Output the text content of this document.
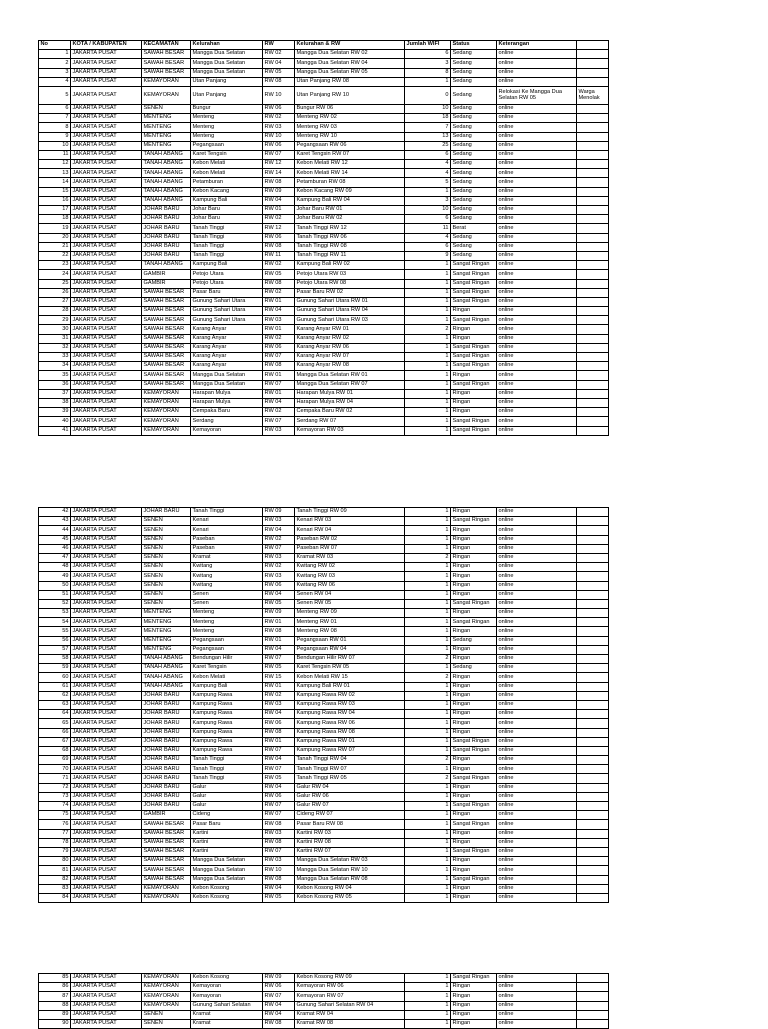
No	KOTA / KABUPATEN	KECAMATAN	Kelurahan	RW	Kelurahan & RW	Jumlah WIFI	Status	Keterangan	
1	JAKARTA PUSAT	SAWAH BESAR	Mangga Dua Selatan	RW 02	Mangga Dua Selatan RW 02	6	Sedang	online	
2	JAKARTA PUSAT	SAWAH BESAR	Mangga Dua Selatan	RW 04	Mangga Dua Selatan RW 04	3	Sedang	online	
3	JAKARTA PUSAT	SAWAH BESAR	Mangga Dua Selatan	RW 05	Mangga Dua Selatan RW 05	8	Sedang	online	
4	JAKARTA PUSAT	KEMAYORAN	Utan Panjang	RW 08	Utan Panjang RW 08	1	Sedang	online	
5	JAKARTA PUSAT	KEMAYORAN	Utan Panjang	RW 10	Utan Panjang RW 10	0	Sedang	Relokasi Ke Mangga Dua Selatan RW 05	Warga Menolak
6	JAKARTA PUSAT	SENEN	Bungur	RW 06	Bungur RW 06	10	Sedang	online	
7	JAKARTA PUSAT	MENTENG	Menteng	RW 02	Menteng RW 02	18	Sedang	online	
8	JAKARTA PUSAT	MENTENG	Menteng	RW 03	Menteng RW 03	7	Sedang	online	
9	JAKARTA PUSAT	MENTENG	Menteng	RW 10	Menteng RW 10	13	Sedang	online	
10	JAKARTA PUSAT	MENTENG	Pegangsaan	RW 06	Pegangsaan RW 06	25	Sedang	online	
11	JAKARTA PUSAT	TANAH ABANG	Karet Tengsin	RW 07	Karet Tengsin RW 07	6	Sedang	online	
12	JAKARTA PUSAT	TANAH ABANG	Kebon Melati	RW 12	Kebon Melati RW 12	4	Sedang	online	
13	JAKARTA PUSAT	TANAH ABANG	Kebon Melati	RW 14	Kebon Melati RW 14	4	Sedang	online	
14	JAKARTA PUSAT	TANAH ABANG	Petamburan	RW 08	Petamburan RW 08	5	Sedang	online	
15	JAKARTA PUSAT	TANAH ABANG	Kebon Kacang	RW 09	Kebon Kacang RW 09	1	Sedang	online	
16	JAKARTA PUSAT	TANAH ABANG	Kampung Bali	RW 04	Kampung Bali RW 04	3	Sedang	online	
17	JAKARTA PUSAT	JOHAR BARU	Johar Baru	RW 01	Johar Baru RW 01	10	Sedang	online	
18	JAKARTA PUSAT	JOHAR BARU	Johar Baru	RW 02	Johar Baru RW 02	6	Sedang	online	
19	JAKARTA PUSAT	JOHAR BARU	Tanah Tinggi	RW 12	Tanah Tinggi RW 12	11	Berat	online	
20	JAKARTA PUSAT	JOHAR BARU	Tanah Tinggi	RW 06	Tanah Tinggi RW 06	4	Sedang	online	
21	JAKARTA PUSAT	JOHAR BARU	Tanah Tinggi	RW 08	Tanah Tinggi RW 08	6	Sedang	online	
22	JAKARTA PUSAT	JOHAR BARU	Tanah Tinggi	RW 11	Tanah Tinggi RW 11	9	Sedang	online	
23	JAKARTA PUSAT	TANAH ABANG	Kampung Bali	RW 02	Kampung Bali RW 02	1	Sangat Ringan	online	
24	JAKARTA PUSAT	GAMBIR	Petojo Utara	RW 05	Petojo Utara RW 03	1	Sangat Ringan	online	
25	JAKARTA PUSAT	GAMBIR	Petojo Utara	RW 08	Petojo Utara RW 08	1	Sangat Ringan	online	
26	JAKARTA PUSAT	SAWAH BESAR	Pasar Baru	RW 02	Pasar Baru RW 02	1	Sangat Ringan	online	
27	JAKARTA PUSAT	SAWAH BESAR	Gunung Sahari Utara	RW 01	Gunung Sahari Utara RW 01	1	Sangat Ringan	online	
28	JAKARTA PUSAT	SAWAH BESAR	Gunung Sahari Utara	RW 04	Gunung Sahari Utara RW 04	1	Ringan	online	
29	JAKARTA PUSAT	SAWAH BESAR	Gunung Sahari Utara	RW 03	Gunung Sahari Utara RW 03	1	Sangat Ringan	online	
30	JAKARTA PUSAT	SAWAH BESAR	Karang Anyar	RW 01	Karang Anyar RW 01	2	Ringan	online	
31	JAKARTA PUSAT	SAWAH BESAR	Karang Anyar	RW 02	Karang Anyar RW 02	1	Ringan	online	
32	JAKARTA PUSAT	SAWAH BESAR	Karang Anyar	RW 06	Karang Anyar RW 06	1	Sangat Ringan	online	
33	JAKARTA PUSAT	SAWAH BESAR	Karang Anyar	RW 07	Karang Anyar RW 07	1	Sangat Ringan	online	
34	JAKARTA PUSAT	SAWAH BESAR	Karang Anyar	RW 08	Karang Anyar RW 08	1	Sangat Ringan	online	
35	JAKARTA PUSAT	SAWAH BESAR	Mangga Dua Selatan	RW 01	Mangga Dua Selatan RW 01	1	Ringan	online	
36	JAKARTA PUSAT	SAWAH BESAR	Mangga Dua Selatan	RW 07	Mangga Dua Selatan RW 07	1	Sangat Ringan	online	
37	JAKARTA PUSAT	KEMAYORAN	Harapan Mulya	RW 01	Harapan Mulya RW 01	1	Ringan	online	
38	JAKARTA PUSAT	KEMAYORAN	Harapan Mulya	RW 04	Harapan Mulya RW 04	1	Ringan	online	
39	JAKARTA PUSAT	KEMAYORAN	Cempaka Baru	RW 02	Cempaka Baru RW 02	1	Ringan	online	
40	JAKARTA PUSAT	KEMAYORAN	Serdang	RW 07	Serdang RW 07	1	Sangat Ringan	online	
41	JAKARTA PUSAT	KEMAYORAN	Kemayoran	RW 03	Kemayoran RW 03	1	Sangat Ringan	online	
42	JAKARTA PUSAT	JOHAR BARU	Tanah Tinggi	RW 09	Tanah Tinggi RW 09	1	Ringan	online	
43	JAKARTA PUSAT	SENEN	Kenari	RW 03	Kenari RW 03	1	Sangat Ringan	online	
44	JAKARTA PUSAT	SENEN	Kenari	RW 04	Kenari RW 04	1	Ringan	online	
45	JAKARTA PUSAT	SENEN	Paseban	RW 02	Paseban RW 02	1	Ringan	online	
46	JAKARTA PUSAT	SENEN	Paseban	RW 07	Paseban RW 07	1	Ringan	online	
47	JAKARTA PUSAT	SENEN	Kramat	RW 03	Kramat RW 03	2	Ringan	online	
48	JAKARTA PUSAT	SENEN	Kwitang	RW 02	Kwitang RW 02	1	Ringan	online	
49	JAKARTA PUSAT	SENEN	Kwitang	RW 03	Kwitang RW 03	1	Ringan	online	
50	JAKARTA PUSAT	SENEN	Kwitang	RW 06	Kwitang RW 06	1	Ringan	online	
51	JAKARTA PUSAT	SENEN	Senen	RW 04	Senen RW 04	1	Ringan	online	
52	JAKARTA PUSAT	SENEN	Senen	RW 05	Senen RW 05	1	Sangat Ringan	online	
53	JAKARTA PUSAT	MENTENG	Menteng	RW 09	Menteng RW 09	1	Ringan	online	
54	JAKARTA PUSAT	MENTENG	Menteng	RW 01	Menteng RW 01	1	Sangat Ringan	online	
55	JAKARTA PUSAT	MENTENG	Menteng	RW 08	Menteng RW 08	1	Ringan	online	
56	JAKARTA PUSAT	MENTENG	Pegangsaan	RW 01	Pegangsaan RW 01	1	Sedang	online	
57	JAKARTA PUSAT	MENTENG	Pegangsaan	RW 04	Pegangsaan RW 04	1	Ringan	online	
58	JAKARTA PUSAT	TANAH ABANG	Bendungan Hilir	RW 07	Bendungan Hilir RW 07	2	Ringan	online	
59	JAKARTA PUSAT	TANAH ABANG	Karet Tengsin	RW 05	Karet Tengsin RW 05	1	Sedang	online	
60	JAKARTA PUSAT	TANAH ABANG	Kebon Melati	RW 15	Kebon Melati RW 15	2	Ringan	online	
61	JAKARTA PUSAT	TANAH ABANG	Kampung Bali	RW 01	Kampung Bali RW 01	1	Ringan	online	
62	JAKARTA PUSAT	JOHAR BARU	Kampung Rawa	RW 02	Kampung Rawa RW 02	1	Ringan	online	
63	JAKARTA PUSAT	JOHAR BARU	Kampung Rawa	RW 03	Kampung Rawa RW 03	1	Ringan	online	
64	JAKARTA PUSAT	JOHAR BARU	Kampung Rawa	RW 04	Kampung Rawa RW 04	1	Ringan	online	
65	JAKARTA PUSAT	JOHAR BARU	Kampung Rawa	RW 06	Kampung Rawa RW 06	1	Ringan	online	
66	JAKARTA PUSAT	JOHAR BARU	Kampung Rawa	RW 08	Kampung Rawa RW 08	1	Ringan	online	
67	JAKARTA PUSAT	JOHAR BARU	Kampung Rawa	RW 01	Kampung Rawa RW 01	1	Sangat Ringan	online	
68	JAKARTA PUSAT	JOHAR BARU	Kampung Rawa	RW 07	Kampung Rawa RW 07	1	Sangat Ringan	online	
69	JAKARTA PUSAT	JOHAR BARU	Tanah Tinggi	RW 04	Tanah Tinggi RW 04	2	Ringan	online	
70	JAKARTA PUSAT	JOHAR BARU	Tanah Tinggi	RW 07	Tanah Tinggi RW 07	1	Ringan	online	
71	JAKARTA PUSAT	JOHAR BARU	Tanah Tinggi	RW 05	Tanah Tinggi RW 05	2	Sangat Ringan	online	
72	JAKARTA PUSAT	JOHAR BARU	Galur	RW 04	Galur RW 04	1	Ringan	online	
73	JAKARTA PUSAT	JOHAR BARU	Galur	RW 06	Galur RW 06	1	Ringan	online	
74	JAKARTA PUSAT	JOHAR BARU	Galur	RW 07	Galur RW 07	1	Sangat Ringan	online	
75	JAKARTA PUSAT	GAMBIR	Cideng	RW 07	Cideng RW 07	1	Ringan	online	
76	JAKARTA PUSAT	SAWAH BESAR	Pasar Baru	RW 08	Pasar Baru RW 08	1	Sangat Ringan	online	
77	JAKARTA PUSAT	SAWAH BESAR	Kartini	RW 03	Kartini RW 03	1	Ringan	online	
78	JAKARTA PUSAT	SAWAH BESAR	Kartini	RW 08	Kartini RW 08	1	Ringan	online	
79	JAKARTA PUSAT	SAWAH BESAR	Kartini	RW 07	Kartini RW 07	1	Sangat Ringan	online	
80	JAKARTA PUSAT	SAWAH BESAR	Mangga Dua Selatan	RW 03	Mangga Dua Selatan RW 03	1	Ringan	online	
81	JAKARTA PUSAT	SAWAH BESAR	Mangga Dua Selatan	RW 10	Mangga Dua Selatan RW 10	1	Ringan	online	
82	JAKARTA PUSAT	SAWAH BESAR	Mangga Dua Selatan	RW 08	Mangga Dua Selatan RW 08	1	Sangat Ringan	online	
83	JAKARTA PUSAT	KEMAYORAN	Kebon Kosong	RW 04	Kebon Kosong RW 04	1	Ringan	online	
84	JAKARTA PUSAT	KEMAYORAN	Kebon Kosong	RW 05	Kebon Kosong RW 05	1	Ringan	online	
85	JAKARTA PUSAT	KEMAYORAN	Kebon Kosong	RW 09	Kebon Kosong RW 09	1	Sangat Ringan	online	
86	JAKARTA PUSAT	KEMAYORAN	Kemayoran	RW 06	Kemayoran RW 06	1	Ringan	online	
87	JAKARTA PUSAT	KEMAYORAN	Kemayoran	RW 07	Kemayoran RW 07	1	Ringan	online	
88	JAKARTA PUSAT	KEMAYORAN	Gunung Sahari Selatan	RW 04	Gunung Sahari Selatan RW 04	1	Ringan	online	
89	JAKARTA PUSAT	SENEN	Kramat	RW 04	Kramat RW 04	1	Ringan	online	
90	JAKARTA PUSAT	SENEN	Kramat	RW 08	Kramat RW 08	1	Ringan	online	
